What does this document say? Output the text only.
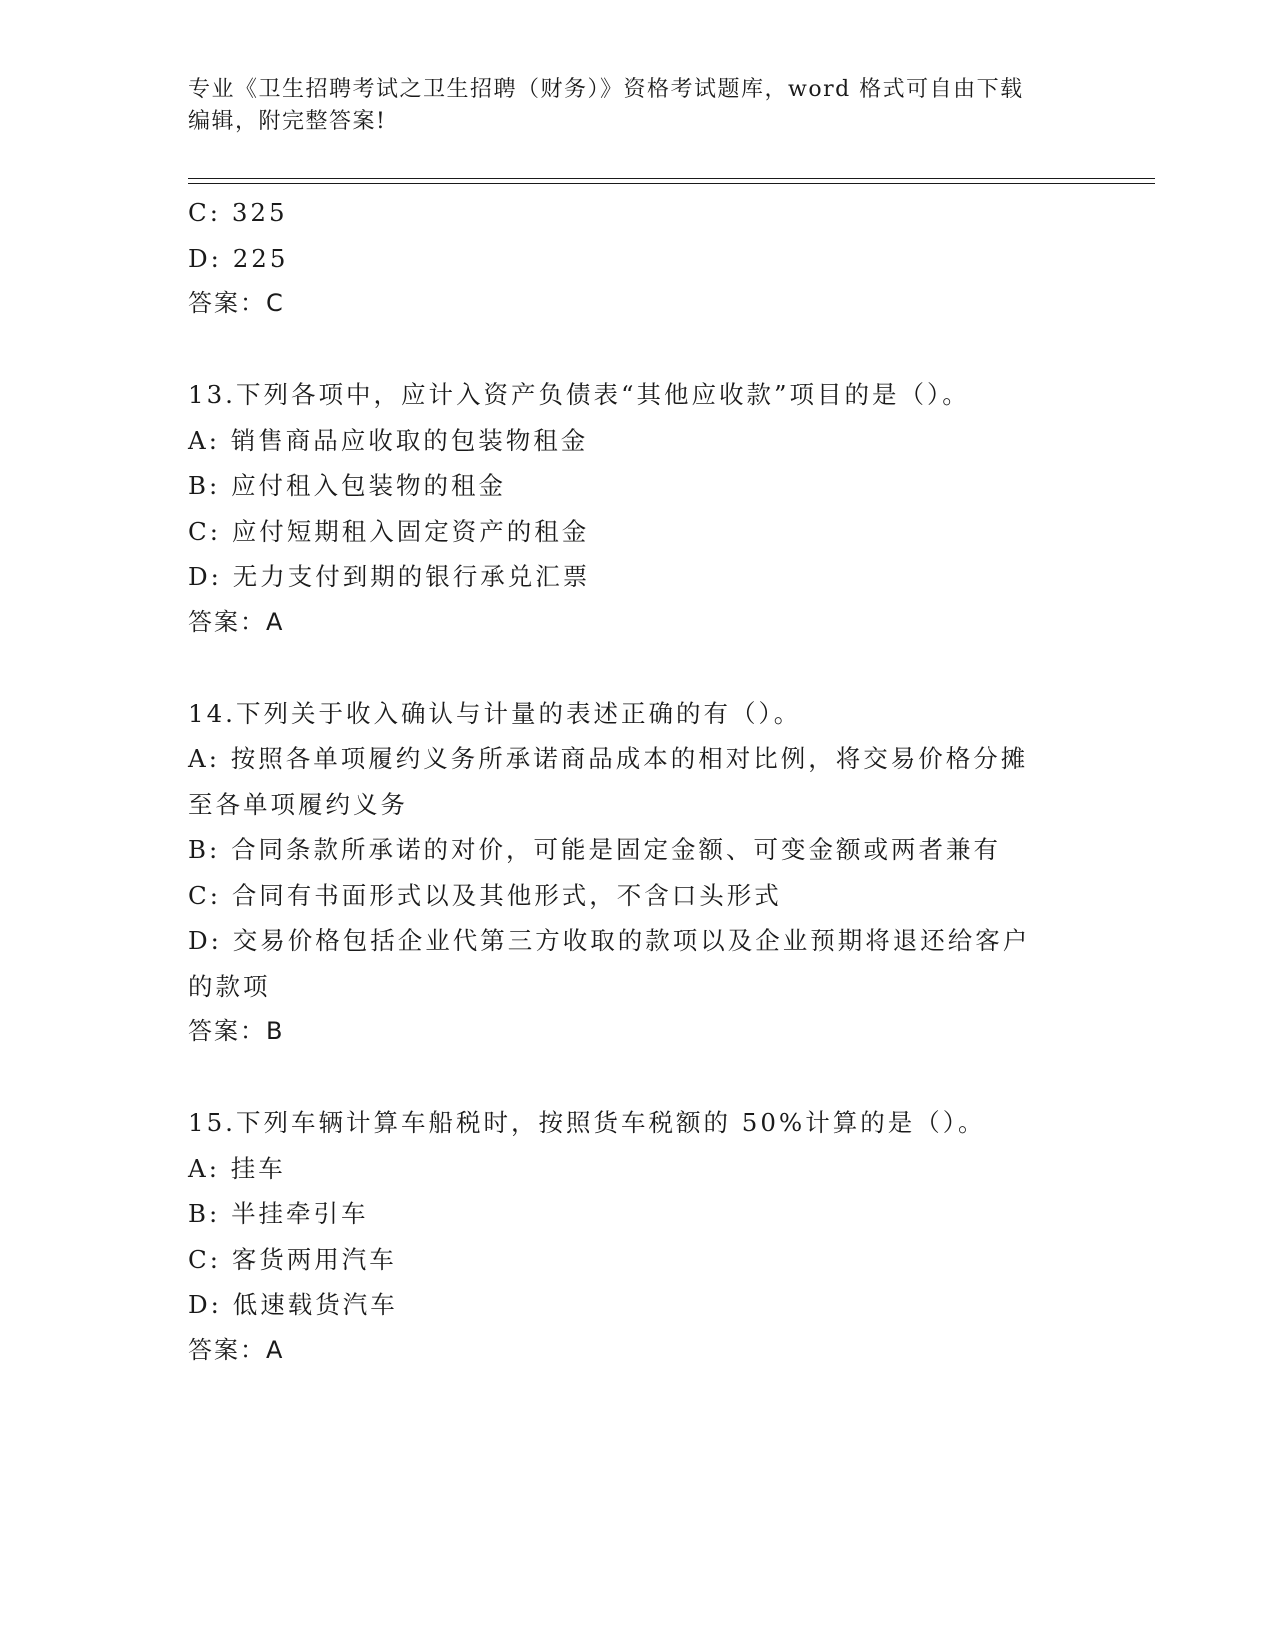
专业《卫生招聘考试之卫生招聘（财务）》资格考试题库，word 格式可自由下载
编辑，附完整答案!
C: 325
D: 225
答案：C
13.下列各项中，应计入资产负债表“其他应收款”项目的是（）。
A: 销售商品应收取的包装物租金
B: 应付租入包装物的租金
C: 应付短期租入固定资产的租金
D: 无力支付到期的银行承兑汇票
答案：A
14.下列关于收入确认与计量的表述正确的有（）。
A: 按照各单项履约义务所承诺商品成本的相对比例，将交易价格分摊
至各单项履约义务
B: 合同条款所承诺的对价，可能是固定金额、可变金额或两者兼有
C: 合同有书面形式以及其他形式，不含口头形式
D: 交易价格包括企业代第三方收取的款项以及企业预期将退还给客户
的款项
答案：B
15.下列车辆计算车船税时，按照货车税额的 50%计算的是（）。
A: 挂车
B: 半挂牵引车
C: 客货两用汽车
D: 低速载货汽车
答案：A
